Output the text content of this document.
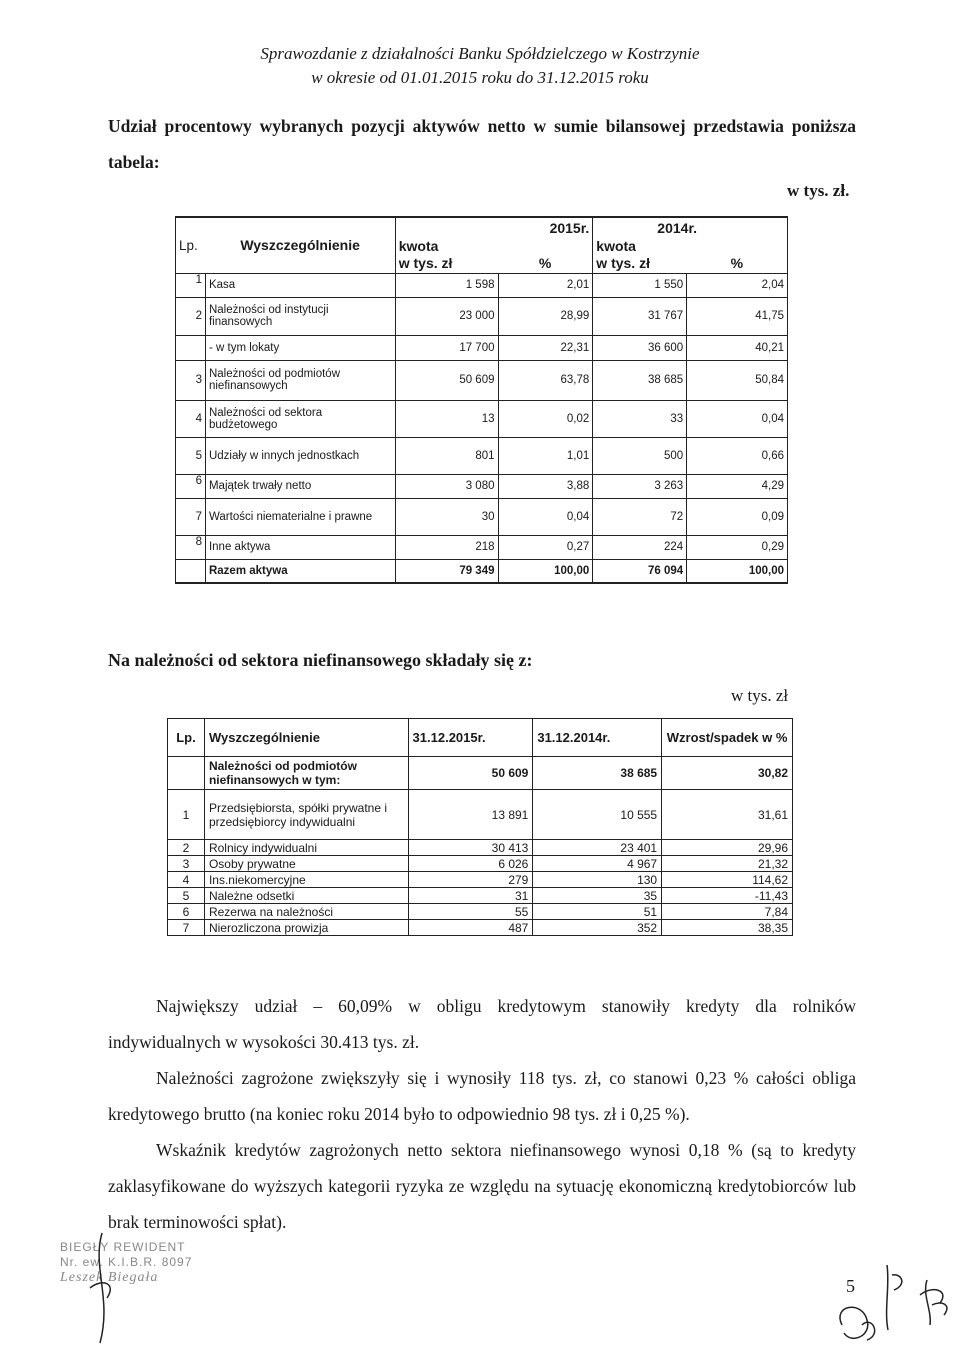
Sprawozdanie z działalności Banku Spółdzielczego w Kostrzynie
w okresie od 01.01.2015 roku do 31.12.2015 roku
Udział procentowy wybranych pozycji aktywów netto w sumie bilansowej przedstawia poniższa tabela:
w tys. zł.
Lp.	Wyszczególnienie	2015r.		2014r.	
		kwota		kwota	
		w tys. zł	%	w tys. zł	%
1	Kasa	1 598	2,01	1 550	2,04
2	Należności od instytucji finansowych	23 000	28,99	31 767	41,75
	- w tym lokaty	17 700	22,31	36 600	40,21
3	Należności od podmiotów niefinansowych	50 609	63,78	38 685	50,84
4	Należności od sektora budżetowego	13	0,02	33	0,04
5	Udziały w innych jednostkach	801	1,01	500	0,66
6	Majątek trwały netto	3 080	3,88	3 263	4,29
7	Wartości niematerialne i prawne	30	0,04	72	0,09
8	Inne aktywa	218	0,27	224	0,29
	Razem aktywa	79 349	100,00	76 094	100,00
Na należności od sektora niefinansowego składały się z:
w tys. zł
Lp.	Wyszczególnienie	31.12.2015r.	31.12.2014r.	Wzrost/spadek w %
	Należności od podmiotów niefinansowych w tym:	50 609	38 685	30,82
1	Przedsiębiorsta, spółki prywatne i przedsiębiorcy indywidualni	13 891	10 555	31,61
2	Rolnicy indywidualni	30 413	23 401	29,96
3	Osoby prywatne	6 026	4 967	21,32
4	Ins.niekomercyjne	279	130	114,62
5	Należne odsetki	31	35	-11,43
6	Rezerwa na należności	55	51	7,84
7	Nierozliczona prowizja	487	352	38,35
Największy udział – 60,09% w obligu kredytowym stanowiły kredyty dla rolników indywidualnych w wysokości 30.413 tys. zł.
Należności zagrożone zwiększyły się i wynosiły 118 tys. zł, co stanowi 0,23 % całości obliga kredytowego brutto (na koniec roku 2014 było to odpowiednio 98 tys. zł i 0,25 %).
Wskaźnik kredytów zagrożonych netto sektora niefinansowego wynosi 0,18 % (są to kredyty zaklasyfikowane do wyższych kategorii ryzyka ze względu na sytuację ekonomiczną kredytobiorców lub brak terminowości spłat).
BIEGŁY REWIDENT
Nr. ew. K.I.B.R. 8097
Leszek Biegała	5
